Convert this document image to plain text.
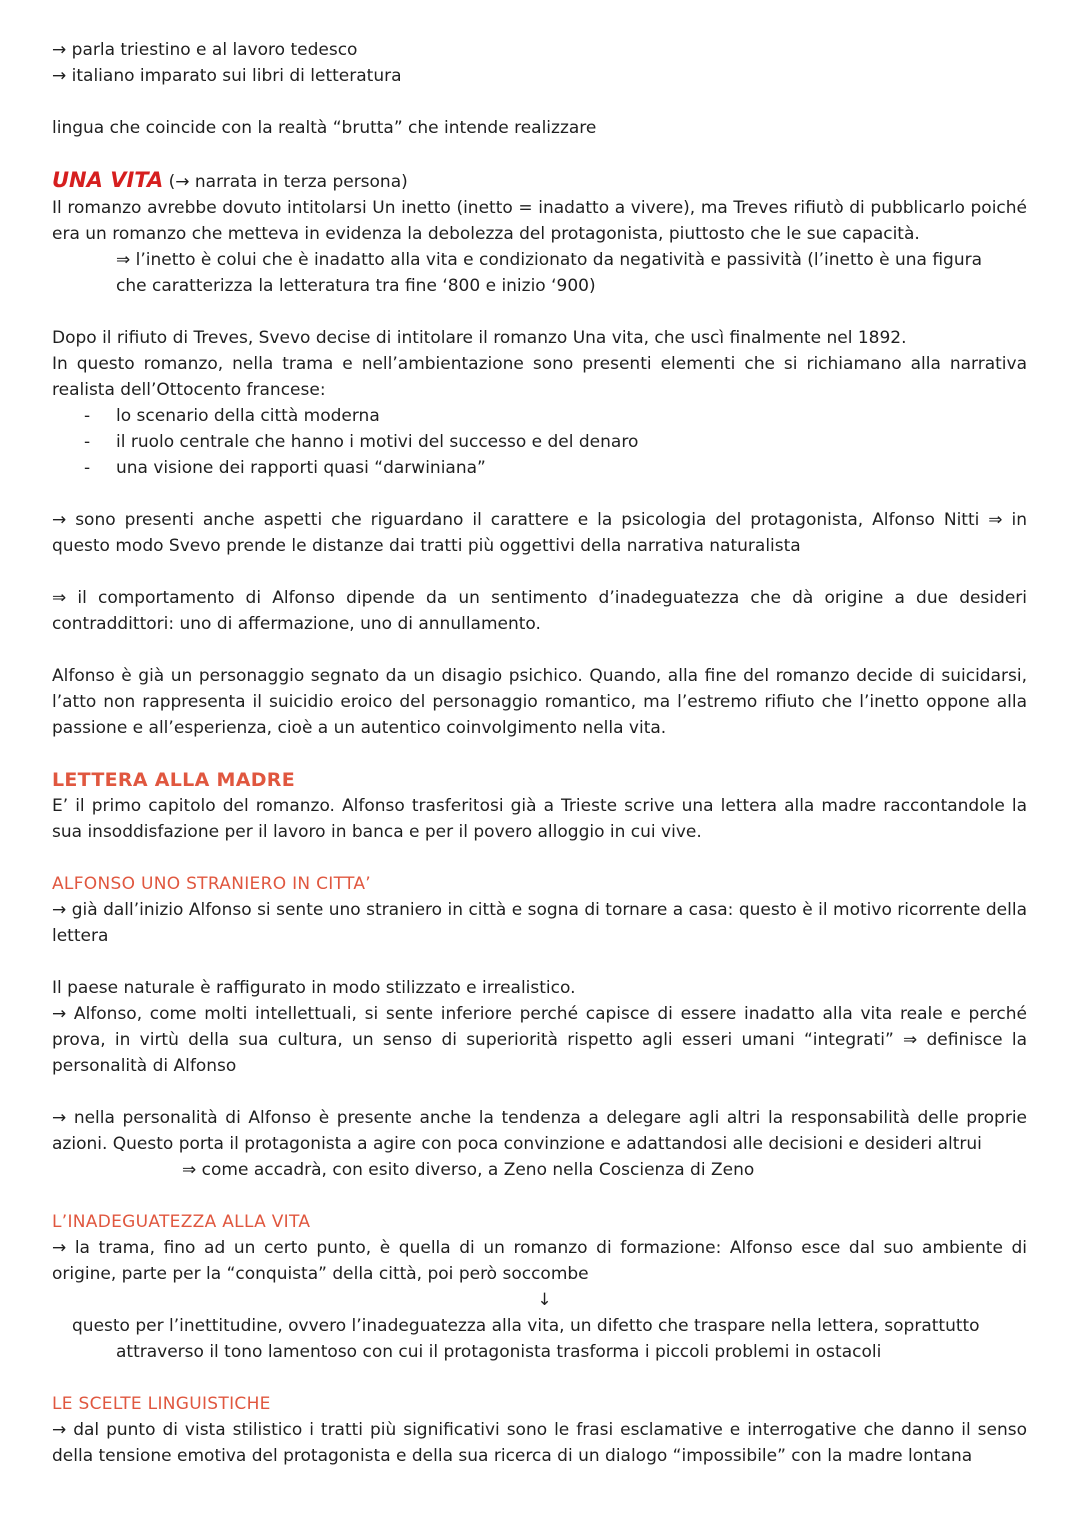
→ parla triestino e al lavoro tedesco

→ italiano imparato sui libri di letteratura

lingua che coincide con la realtà “brutta” che intende realizzare

UNA VITA (→ narrata in terza persona)

Il romanzo avrebbe dovuto intitolarsi Un inetto (inetto = inadatto a vivere), ma Treves rifiutò di pubblicarlo poiché era un romanzo che metteva in evidenza la debolezza del protagonista, piuttosto che le sue capacità.

⇒ l’inetto è colui che è inadatto alla vita e condizionato da negatività e passività (l’inetto è una figura

che caratterizza la letteratura tra fine ‘800 e inizio ‘900)

Dopo il rifiuto di Treves, Svevo decise di intitolare il romanzo Una vita, che uscì finalmente nel 1892.

In questo romanzo, nella trama e nell’ambientazione sono presenti elementi che si richiamano alla narrativa realista dell’Ottocento francese:

- lo scenario della città moderna
- il ruolo centrale che hanno i motivi del successo e del denaro
- una visione dei rapporti quasi “darwiniana”

→ sono presenti anche aspetti che riguardano il carattere e la psicologia del protagonista, Alfonso Nitti ⇒ in questo modo Svevo prende le distanze dai tratti più oggettivi della narrativa naturalista

⇒ il comportamento di Alfonso dipende da un sentimento d’inadeguatezza che dà origine a due desideri contraddittori: uno di affermazione, uno di annullamento.

Alfonso è già un personaggio segnato da un disagio psichico. Quando, alla fine del romanzo decide di suicidarsi, l’atto non rappresenta il suicidio eroico del personaggio romantico, ma l’estremo rifiuto che l’inetto oppone alla passione e all’esperienza, cioè a un autentico coinvolgimento nella vita.

LETTERA ALLA MADRE

E’ il primo capitolo del romanzo. Alfonso trasferitosi già a Trieste scrive una lettera alla madre raccontandole la sua insoddisfazione per il lavoro in banca e per il povero alloggio in cui vive.

ALFONSO UNO STRANIERO IN CITTA’

→ già dall’inizio Alfonso si sente uno straniero in città e sogna di tornare a casa: questo è il motivo ricorrente della lettera

Il paese naturale è raffigurato in modo stilizzato e irrealistico.

→ Alfonso, come molti intellettuali, si sente inferiore perché capisce di essere inadatto alla vita reale e perché prova, in virtù della sua cultura, un senso di superiorità rispetto agli esseri umani “integrati” ⇒ definisce la personalità di Alfonso

→ nella personalità di Alfonso è presente anche la tendenza a delegare agli altri la responsabilità delle proprie azioni. Questo porta il protagonista a agire con poca convinzione e adattandosi alle decisioni e desideri altrui

⇒ come accadrà, con esito diverso, a Zeno nella Coscienza di Zeno

L’INADEGUATEZZA ALLA VITA

→ la trama, fino ad un certo punto, è quella di un romanzo di formazione: Alfonso esce dal suo ambiente di origine, parte per la “conquista” della città, poi però soccombe

↓

questo per l’inettitudine, ovvero l’inadeguatezza alla vita, un difetto che traspare nella lettera, soprattutto

attraverso il tono lamentoso con cui il protagonista trasforma i piccoli problemi in ostacoli

LE SCELTE LINGUISTICHE

→ dal punto di vista stilistico i tratti più significativi sono le frasi esclamative e interrogative che danno il senso della tensione emotiva del protagonista e della sua ricerca di un dialogo “impossibile” con la madre lontana
